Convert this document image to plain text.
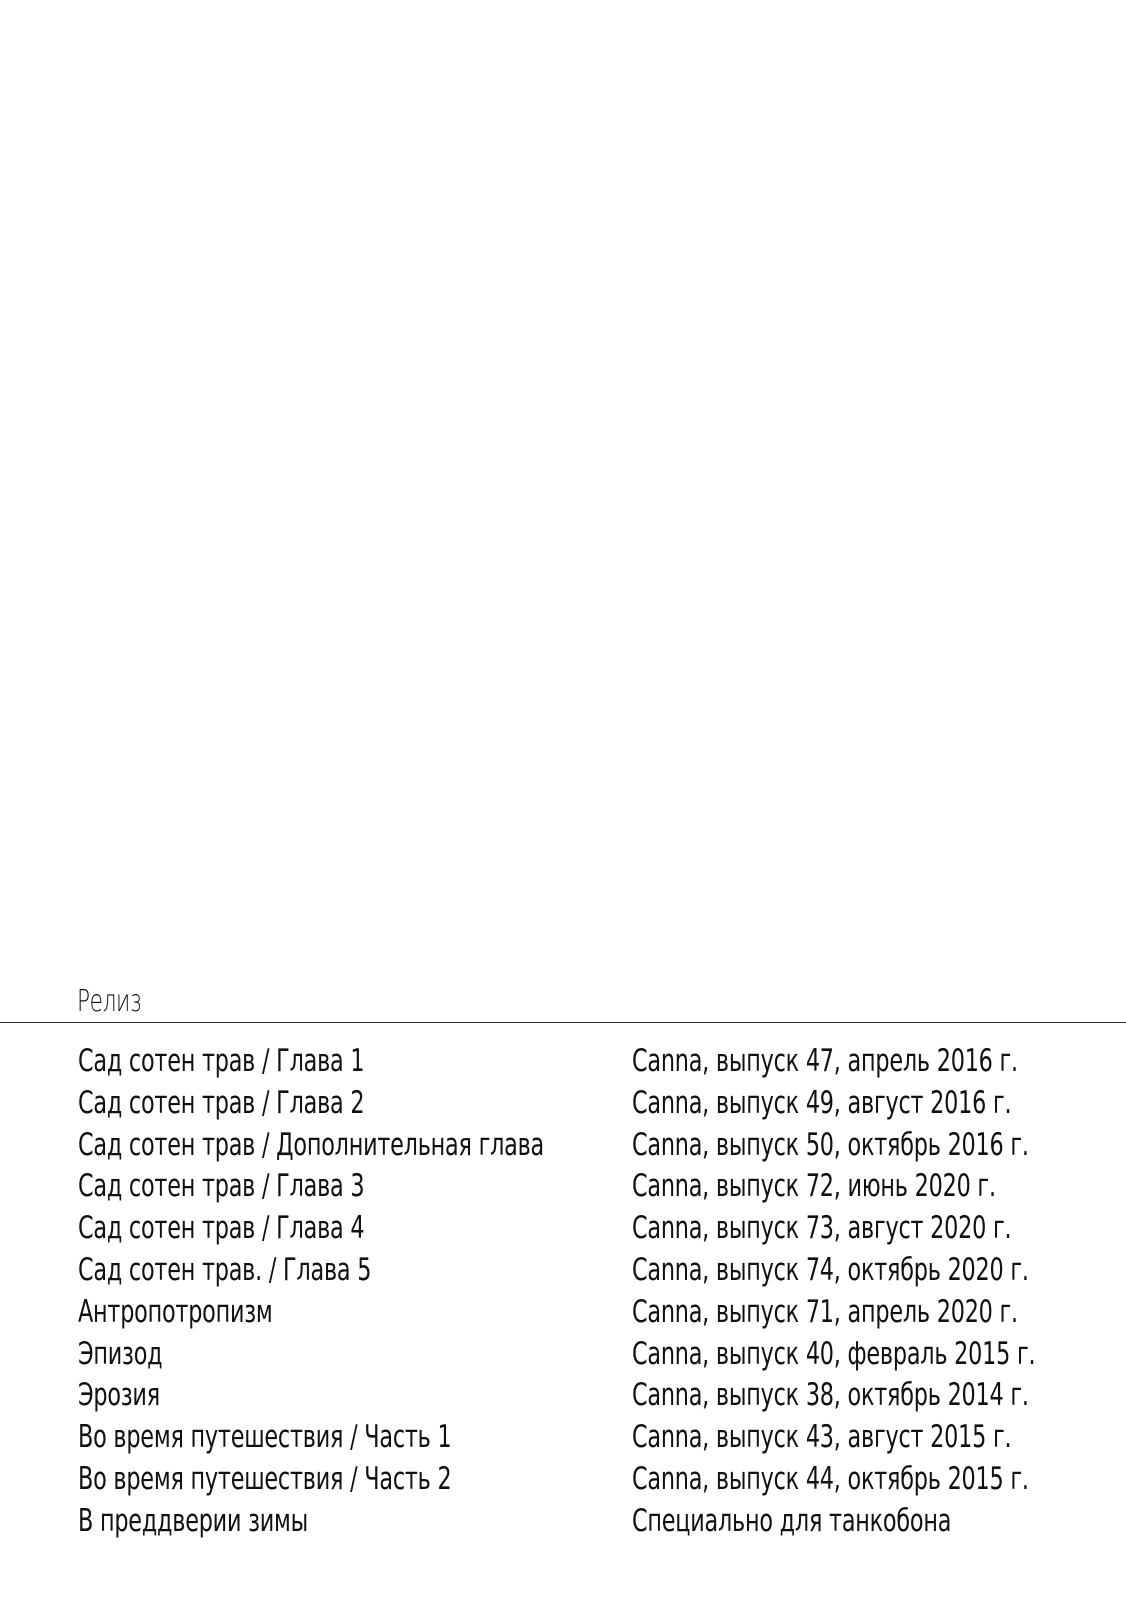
Релиз
Сад сотен трав / Глава 1	Canna, выпуск 47, апрель 2016 г.
Сад сотен трав / Глава 2	Canna, выпуск 49, август 2016 г.
Сад сотен трав / Дополнительная глава	Canna, выпуск 50, октябрь 2016 г.
Сад сотен трав / Глава 3	Canna, выпуск 72, июнь 2020 г.
Сад сотен трав / Глава 4	Canna, выпуск 73, август 2020 г.
Сад сотен трав. / Глава 5	Canna, выпуск 74, октябрь 2020 г.
Антропотропизм	Canna, выпуск 71, апрель 2020 г.
Эпизод	Canna, выпуск 40, февраль 2015 г.
Эрозия	Canna, выпуск 38, октябрь 2014 г.
Во время путешествия / Часть 1	Canna, выпуск 43, август 2015 г.
Во время путешествия / Часть 2	Canna, выпуск 44, октябрь 2015 г.
В преддверии зимы	Специально для танкобона
